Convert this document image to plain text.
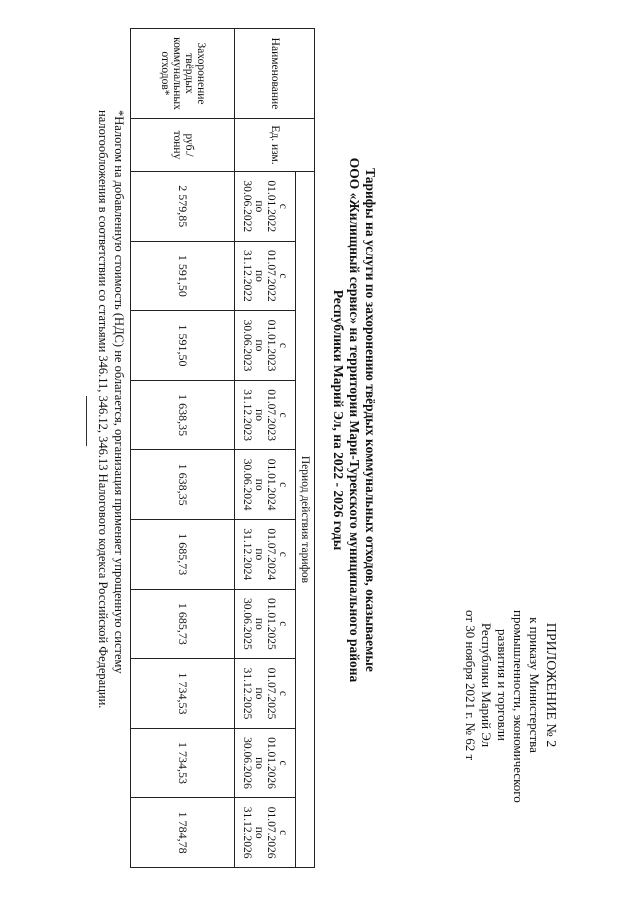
ПРИЛОЖЕНИЕ № 2
к приказу Министерства
промышленности, экономического
развития и торговли
Республики Марий Эл
от 30 ноября 2021 г. № 62 т
Тарифы на услуги по захоронению твёрдых коммунальных отходов, оказываемые
ООО «Жилищный сервис» на территории Мари-Турекского муниципального района
Республики Марий Эл, на 2022 - 2026 годы
Наименование	Ед. изм.	Период действия тарифов									

		с
01.01.2022
по
30.06.2022	с
01.07.2022
по
31.12.2022	с
01.01.2023
по
30.06.2023	с
01.07.2023
по
31.12.2023	с
01.01.2024
по
30.06.2024	с
01.07.2024
по
31.12.2024	с
01.01.2025
по
30.06.2025	с
01.07.2025
по
31.12.2025	с
01.01.2026
по
30.06.2026	с
01.07.2026
по
31.12.2026

Захоронение твёрдых коммунальных отходов*	руб./ тонну	2 579,85	1 591,50	1 591,50	1 638,35	1 638,35	1 685,73	1 685,73	1 734,53	1 734,53	1 784,78
*Налогом на добавленную стоимость (НДС) не облагается, организация применяет упрощенную систему
налогообложения в соответствии со статьями 346.11, 346.12, 346.13 Налогового кодекса Российской Федерации.
